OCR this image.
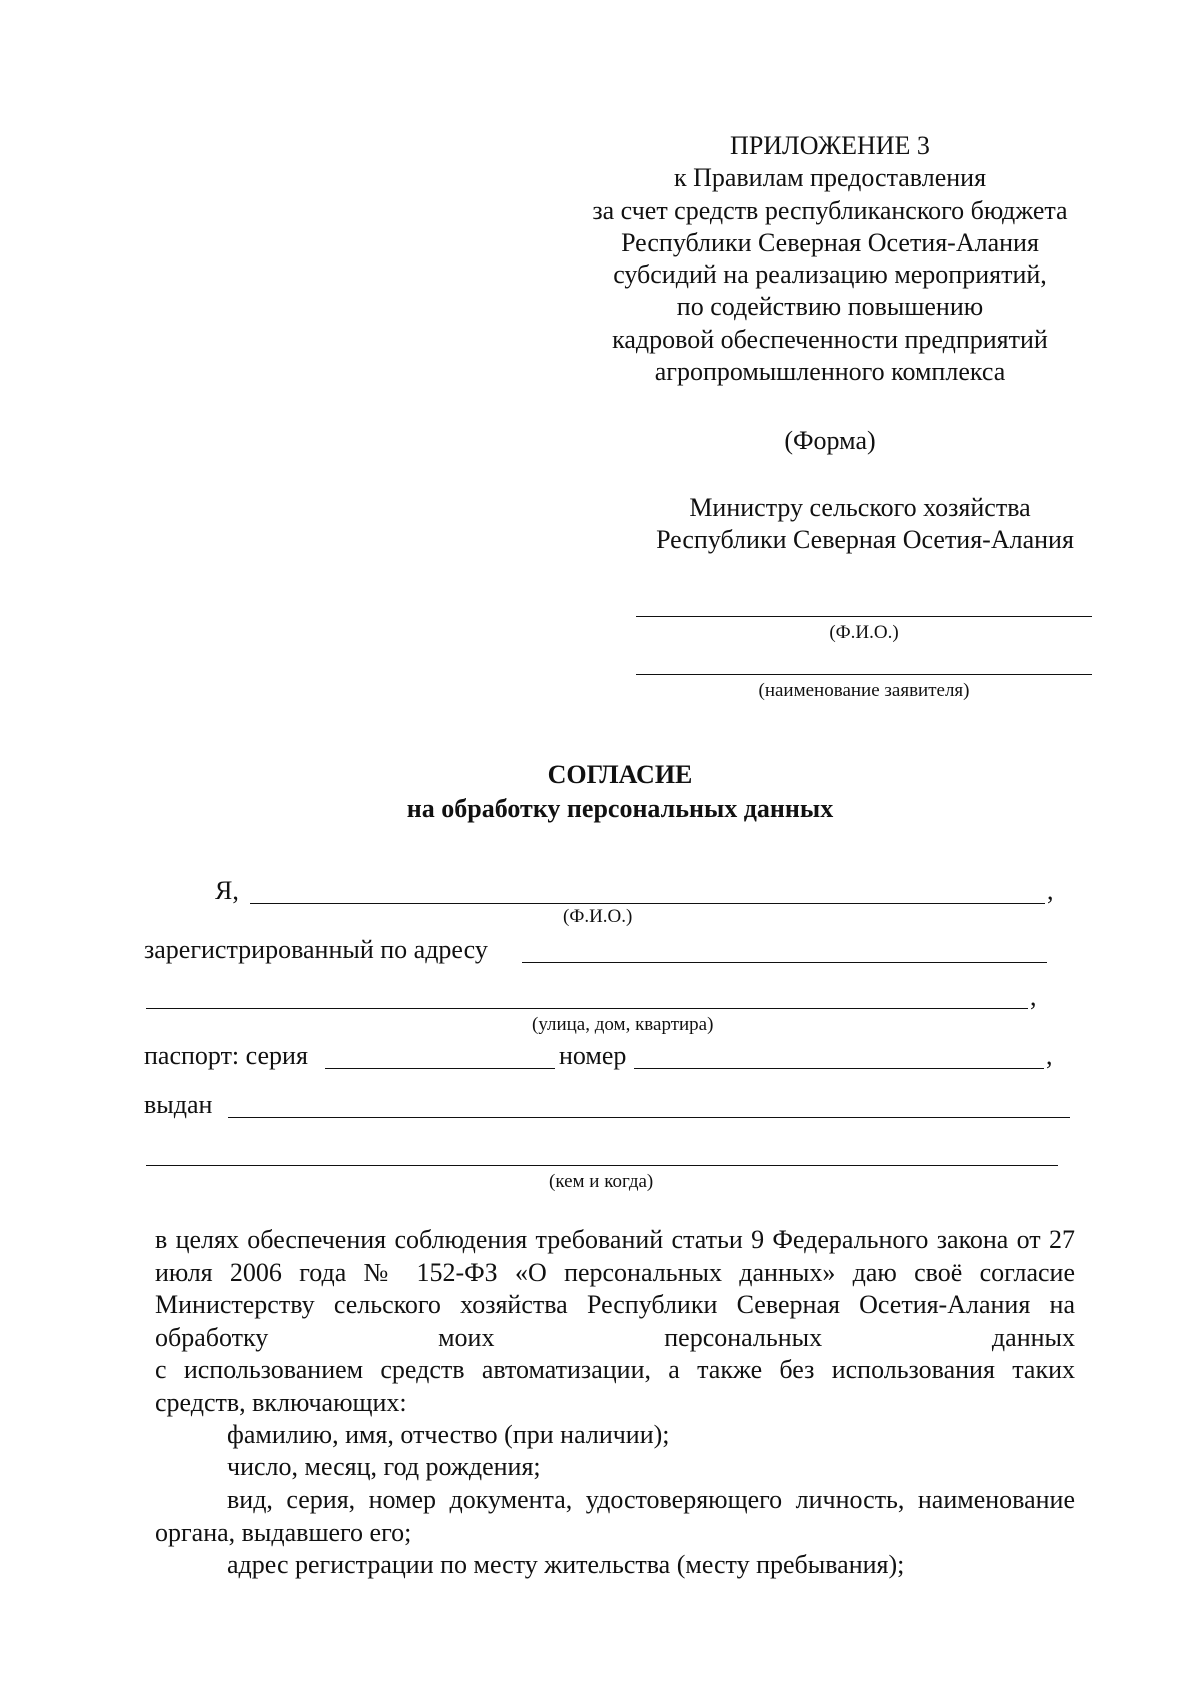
ПРИЛОЖЕНИЕ 3
к Правилам предоставления
за счет средств республиканского бюджета
Республики Северная Осетия-Алания
субсидий на реализацию мероприятий,
по содействию повышению
кадровой обеспеченности предприятий
агропромышленного комплекса
(Форма)
Министру сельского хозяйства
Республики Северная Осетия-Алания
(Ф.И.О.)
(наименование заявителя)
СОГЛАСИЕ
на обработку персональных данных
Я,	,
(Ф.И.О.)
зарегистрированный по адресу
,
(улица, дом, квартира)
паспорт: серия	номер	,
выдан
(кем и когда)
в целях обеспечения соблюдения требований статьи 9 Федерального закона от 27 июля 2006 года № 152-ФЗ «О персональных данных» даю своё согласие Министерству сельского хозяйства Республики Северная Осетия-Алания на обработку моих персональных данных
с использованием средств автоматизации, а также без использования таких средств, включающих:
фамилию, имя, отчество (при наличии);
число, месяц, год рождения;
вид, серия, номер документа, удостоверяющего личность, наименование органа, выдавшего его;
адрес регистрации по месту жительства (месту пребывания);
